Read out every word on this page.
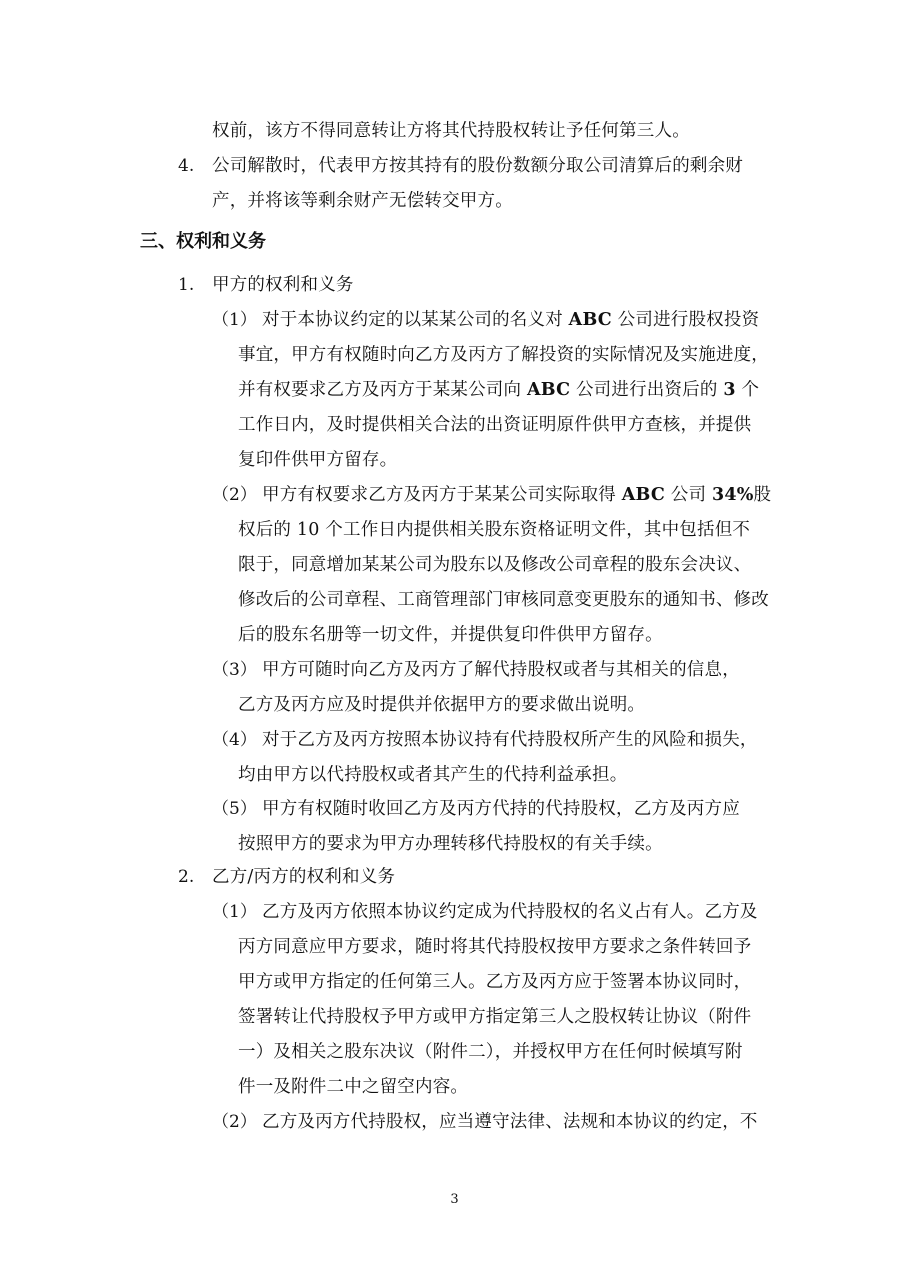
权前，该方不得同意转让方将其代持股权转让予任何第三人。
4. 公司解散时，代表甲方按其持有的股份数额分取公司清算后的剩余财
产，并将该等剩余财产无偿转交甲方。
三、权利和义务
1. 甲方的权利和义务
（1） 对于本协议约定的以某某公司的名义对 ABC 公司进行股权投资
事宜，甲方有权随时向乙方及丙方了解投资的实际情况及实施进度，
并有权要求乙方及丙方于某某公司向 ABC 公司进行出资后的 3 个
工作日内，及时提供相关合法的出资证明原件供甲方查核，并提供
复印件供甲方留存。
（2） 甲方有权要求乙方及丙方于某某公司实际取得 ABC 公司 34%股
权后的 10 个工作日内提供相关股东资格证明文件，其中包括但不
限于，同意增加某某公司为股东以及修改公司章程的股东会决议、
修改后的公司章程、工商管理部门审核同意变更股东的通知书、修改
后的股东名册等一切文件，并提供复印件供甲方留存。
（3） 甲方可随时向乙方及丙方了解代持股权或者与其相关的信息，
乙方及丙方应及时提供并依据甲方的要求做出说明。
（4） 对于乙方及丙方按照本协议持有代持股权所产生的风险和损失，
均由甲方以代持股权或者其产生的代持利益承担。
（5） 甲方有权随时收回乙方及丙方代持的代持股权，乙方及丙方应
按照甲方的要求为甲方办理转移代持股权的有关手续。
2. 乙方/丙方的权利和义务
（1） 乙方及丙方依照本协议约定成为代持股权的名义占有人。乙方及
丙方同意应甲方要求，随时将其代持股权按甲方要求之条件转回予
甲方或甲方指定的任何第三人。乙方及丙方应于签署本协议同时，
签署转让代持股权予甲方或甲方指定第三人之股权转让协议（附件
一）及相关之股东决议（附件二），并授权甲方在任何时候填写附
件一及附件二中之留空内容。
（2） 乙方及丙方代持股权，应当遵守法律、法规和本协议的约定，不
3
